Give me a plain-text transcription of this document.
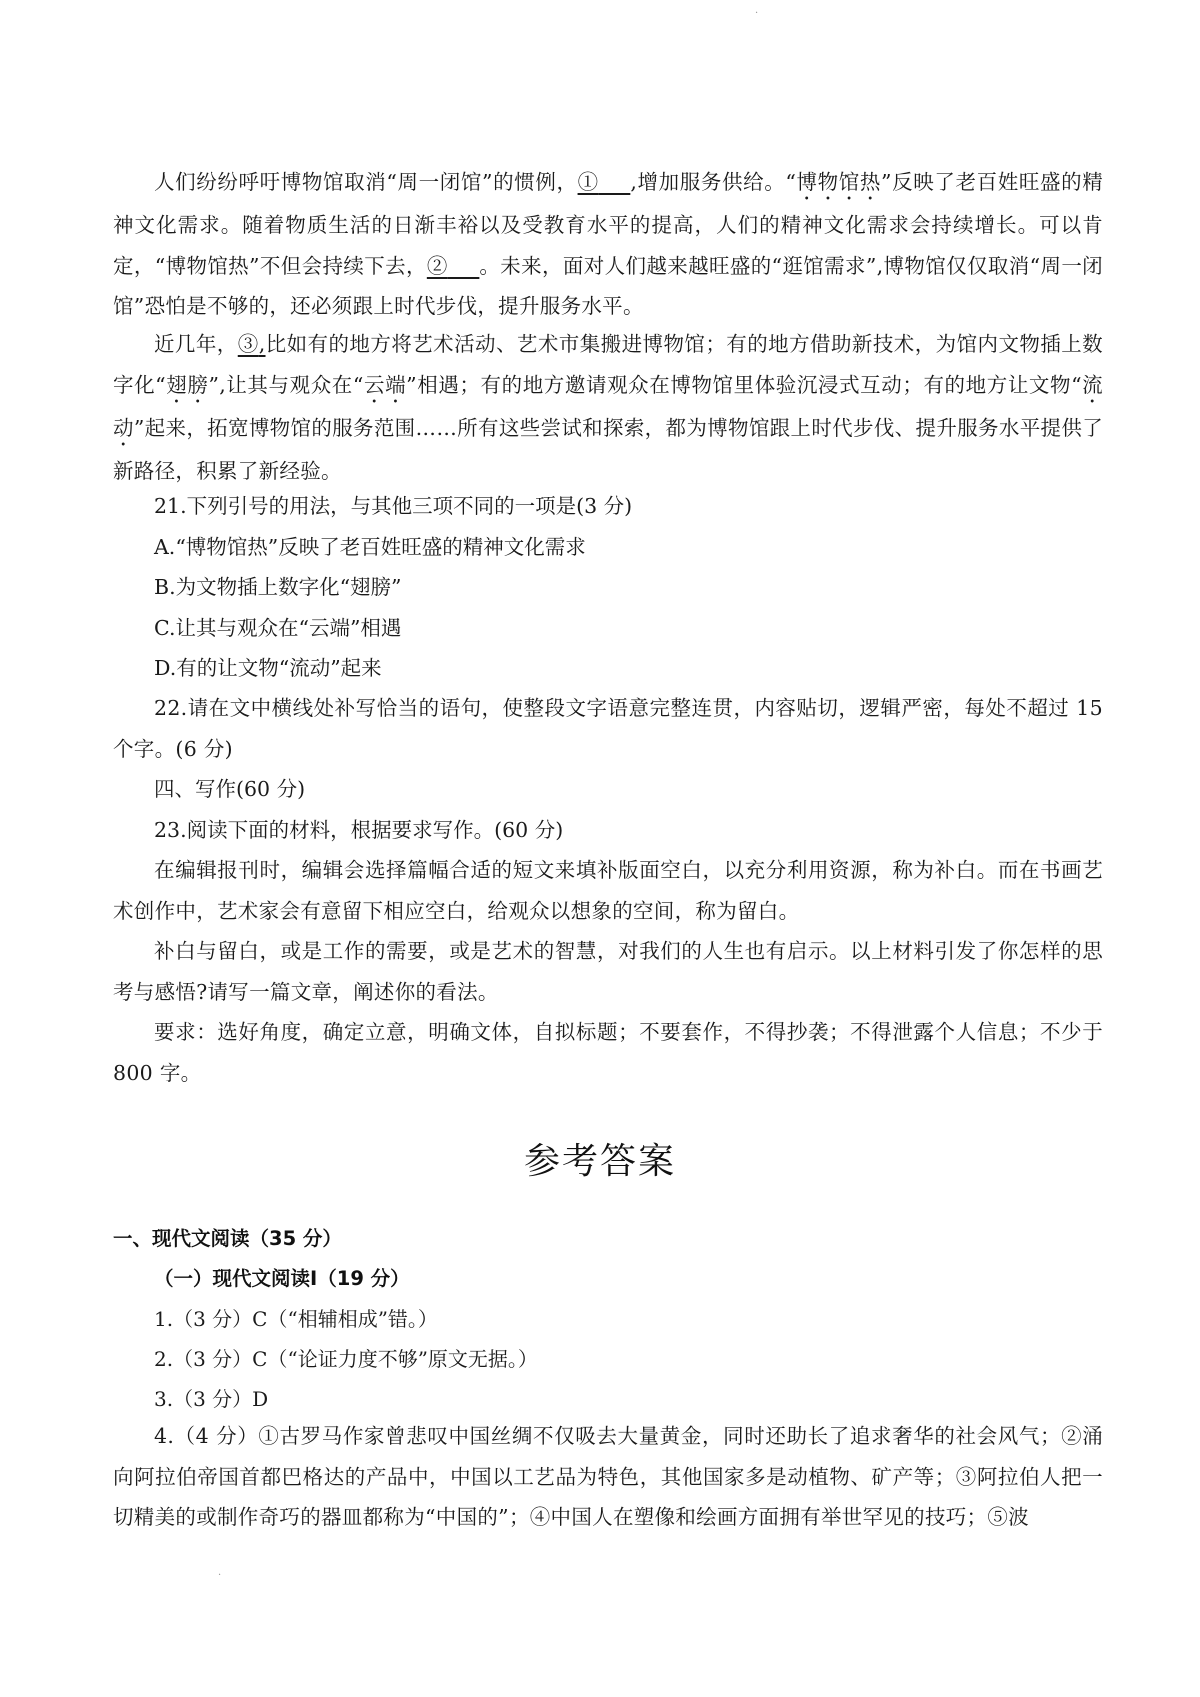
·

人们纷纷呼吁博物馆取消“周一闭馆”的惯例，①    ,增加服务供给。“博物馆热”反映了老百姓旺盛的精神文化需求。随着物质生活的日渐丰裕以及受教育水平的提高，人们的精神文化需求会持续增长。可以肯定，“博物馆热”不但会持续下去，②    。未来，面对人们越来越旺盛的“逛馆需求”,博物馆仅仅取消“周一闭馆”恐怕是不够的，还必须跟上时代步伐，提升服务水平。

近几年，③,比如有的地方将艺术活动、艺术市集搬进博物馆；有的地方借助新技术，为馆内文物插上数字化“翅膀”,让其与观众在“云端”相遇；有的地方邀请观众在博物馆里体验沉浸式互动；有的地方让文物“流动”起来，拓宽博物馆的服务范围……所有这些尝试和探索，都为博物馆跟上时代步伐、提升服务水平提供了新路径，积累了新经验。

21.下列引号的用法，与其他三项不同的一项是(3 分)
A.“博物馆热”反映了老百姓旺盛的精神文化需求
B.为文物插上数字化“翅膀”
C.让其与观众在“云端”相遇
D.有的让文物“流动”起来

22.请在文中横线处补写恰当的语句，使整段文字语意完整连贯，内容贴切，逻辑严密，每处不超过 15 个字。(6 分)

四、写作(60 分)
23.阅读下面的材料，根据要求写作。(60 分)

在编辑报刊时，编辑会选择篇幅合适的短文来填补版面空白，以充分利用资源，称为补白。而在书画艺术创作中，艺术家会有意留下相应空白，给观众以想象的空间，称为留白。

补白与留白，或是工作的需要，或是艺术的智慧，对我们的人生也有启示。以上材料引发了你怎样的思考与感悟?请写一篇文章，阐述你的看法。

要求：选好角度，确定立意，明确文体，自拟标题；不要套作，不得抄袭；不得泄露个人信息；不少于 800 字。

参考答案
一、现代文阅读（35 分）
（一）现代文阅读Ⅰ（19 分）
1.（3 分）C（“相辅相成”错。）
2.（3 分）C（“论证力度不够”原文无据。）
3.（3 分）D

4.（4 分）①古罗马作家曾悲叹中国丝绸不仅吸去大量黄金，同时还助长了追求奢华的社会风气；②涌向阿拉伯帝国首都巴格达的产品中，中国以工艺品为特色，其他国家多是动植物、矿产等；③阿拉伯人把一切精美的或制作奇巧的器皿都称为“中国的”；④中国人在塑像和绘画方面拥有举世罕见的技巧；⑤波

·
